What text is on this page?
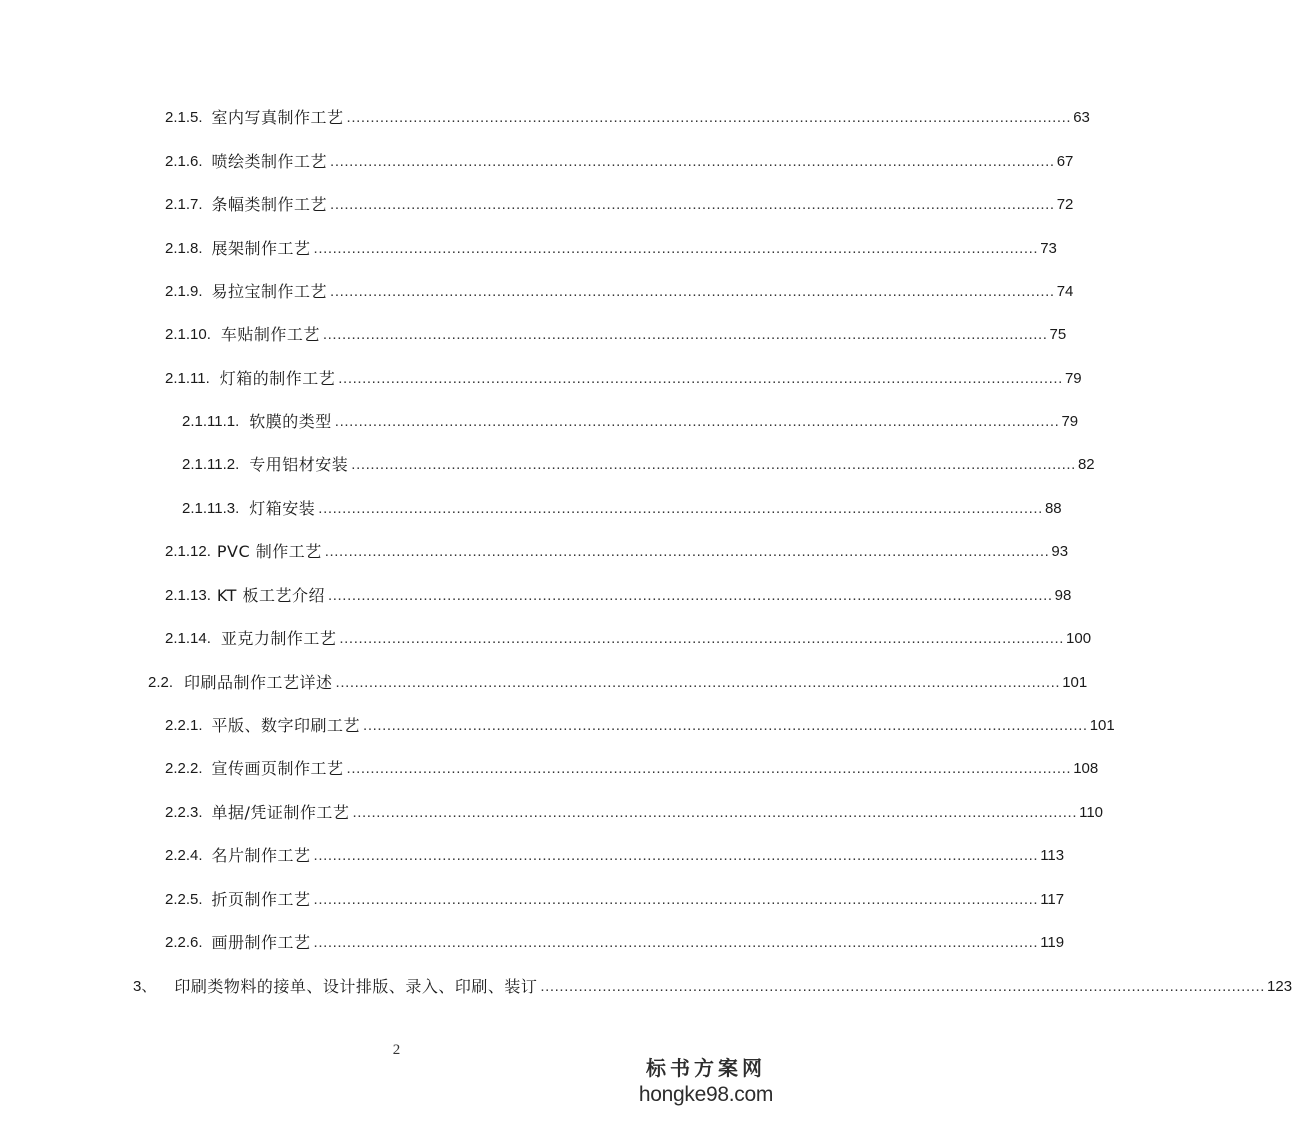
2.1.5. 室内写真制作工艺 ........................................................................................................................................................ 63
2.1.6. 喷绘类制作工艺 ........................................................................................................................................................ 67
2.1.7. 条幅类制作工艺 ........................................................................................................................................................ 72
2.1.8. 展架制作工艺 ........................................................................................................................................................ 73
2.1.9. 易拉宝制作工艺 ........................................................................................................................................................ 74
2.1.10. 车贴制作工艺 ........................................................................................................................................................ 75
2.1.11. 灯箱的制作工艺 ........................................................................................................................................................ 79
2.1.11.1. 软膜的类型 ........................................................................................................................................................ 79
2.1.11.2. 专用铝材安装 ........................................................................................................................................................ 82
2.1.11.3. 灯箱安装 ........................................................................................................................................................ 88
2.1.12. PVC 制作工艺 ........................................................................................................................................................ 93
2.1.13. KT 板工艺介绍 ........................................................................................................................................................ 98
2.1.14. 亚克力制作工艺 ........................................................................................................................................................ 100
2.2. 印刷品制作工艺详述 ........................................................................................................................................................ 101
2.2.1. 平版、数字印刷工艺 ........................................................................................................................................................ 101
2.2.2. 宣传画页制作工艺 ........................................................................................................................................................ 108
2.2.3. 单据/凭证制作工艺 ........................................................................................................................................................ 110
2.2.4. 名片制作工艺 ........................................................................................................................................................ 113
2.2.5. 折页制作工艺 ........................................................................................................................................................ 117
2.2.6. 画册制作工艺 ........................................................................................................................................................ 119
3、 印刷类物料的接单、设计排版、录入、印刷、装订 ........................................................................................................................................................ 123
2
标书方案网
hongke98.com
